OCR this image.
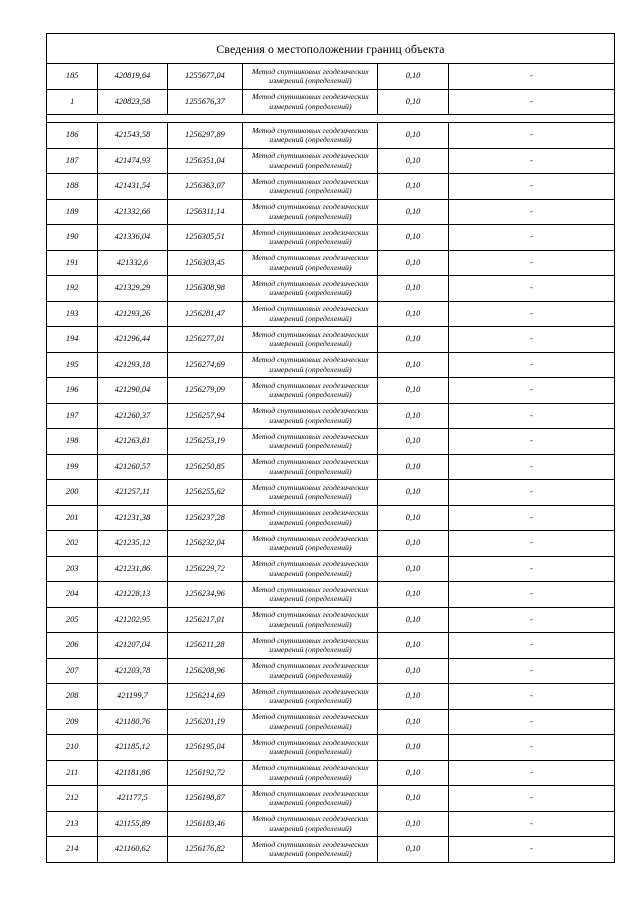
Сведения о местоположении границ объекта					
185	420819,64	1255677,04	Метод спутниковых геодезических измерений (определений)	0,10	-
1	420823,58	1255676,37	Метод спутниковых геодезических измерений (определений)	0,10	-

186	421543,58	1256297,89	Метод спутниковых геодезических измерений (определений)	0,10	-
187	421474,93	1256351,04	Метод спутниковых геодезических измерений (определений)	0,10	-
188	421431,54	1256363,07	Метод спутниковых геодезических измерений (определений)	0,10	-
189	421332,66	1256311,14	Метод спутниковых геодезических измерений (определений)	0,10	-
190	421336,04	1256305,51	Метод спутниковых геодезических измерений (определений)	0,10	-
191	421332,6	1256303,45	Метод спутниковых геодезических измерений (определений)	0,10	-
192	421329,29	1256308,98	Метод спутниковых геодезических измерений (определений)	0,10	-
193	421293,26	1256281,47	Метод спутниковых геодезических измерений (определений)	0,10	-
194	421296,44	1256277,01	Метод спутниковых геодезических измерений (определений)	0,10	-
195	421293,18	1256274,69	Метод спутниковых геодезических измерений (определений)	0,10	-
196	421290,04	1256279,09	Метод спутниковых геодезических измерений (определений)	0,10	-
197	421260,37	1256257,94	Метод спутниковых геодезических измерений (определений)	0,10	-
198	421263,81	1256253,19	Метод спутниковых геодезических измерений (определений)	0,10	-
199	421260,57	1256250,85	Метод спутниковых геодезических измерений (определений)	0,10	-
200	421257,11	1256255,62	Метод спутниковых геодезических измерений (определений)	0,10	-
201	421231,38	1256237,28	Метод спутниковых геодезических измерений (определений)	0,10	-
202	421235,12	1256232,04	Метод спутниковых геодезических измерений (определений)	0,10	-
203	421231,86	1256229,72	Метод спутниковых геодезических измерений (определений)	0,10	-
204	421228,13	1256234,96	Метод спутниковых геодезических измерений (определений)	0,10	-
205	421202,95	1256217,01	Метод спутниковых геодезических измерений (определений)	0,10	-
206	421207,04	1256211,28	Метод спутниковых геодезических измерений (определений)	0,10	-
207	421203,78	1256208,96	Метод спутниковых геодезических измерений (определений)	0,10	-
208	421199,7	1256214,69	Метод спутниковых геодезических измерений (определений)	0,10	-
209	421180,76	1256201,19	Метод спутниковых геодезических измерений (определений)	0,10	-
210	421185,12	1256195,04	Метод спутниковых геодезических измерений (определений)	0,10	-
211	421181,86	1256192,72	Метод спутниковых геодезических измерений (определений)	0,10	-
212	421177,5	1256198,87	Метод спутниковых геодезических измерений (определений)	0,10	-
213	421155,89	1256183,46	Метод спутниковых геодезических измерений (определений)	0,10	-
214	421160,62	1256176,82	Метод спутниковых геодезических измерений (определений)	0,10	-
